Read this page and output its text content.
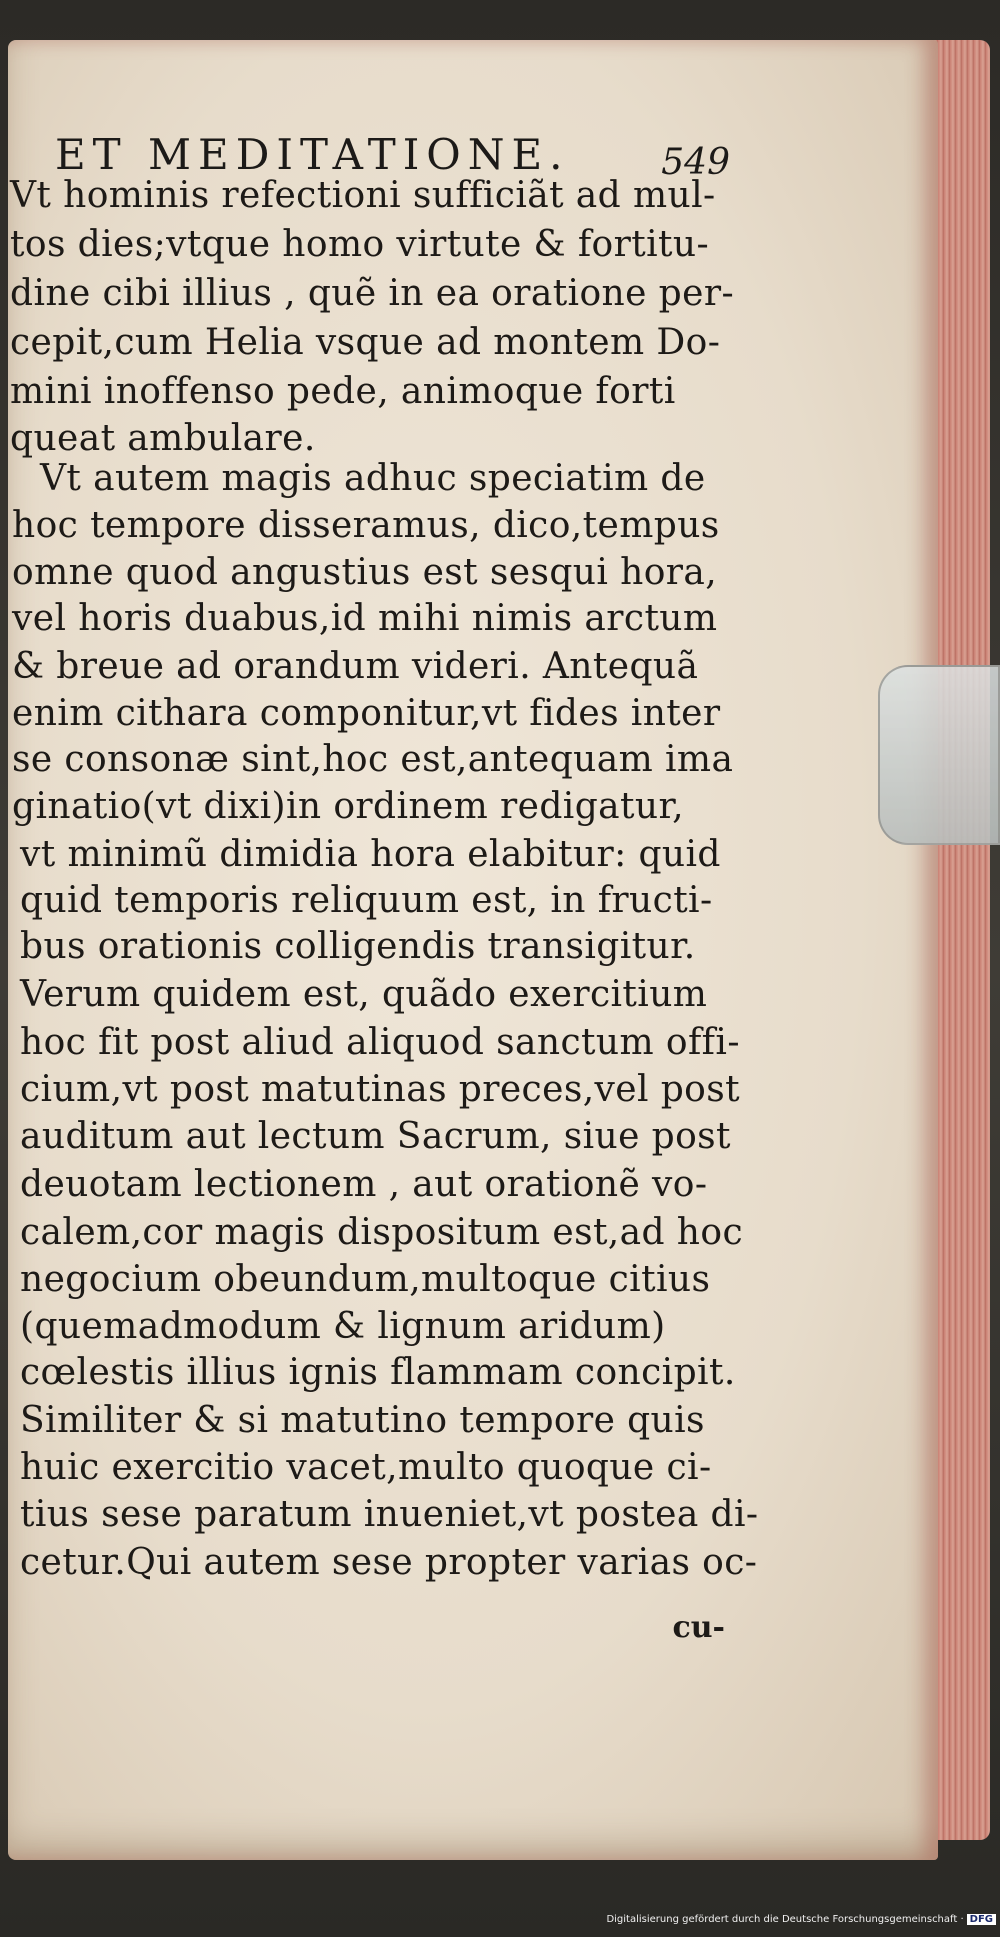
ET MEDITATIONE.	549
Vt hominis refectioni sufficiãt ad mul-
tos dies;vtque homo virtute & fortitu-
dine cibi illius , quẽ in ea oratione per-
cepit,cum Helia vsque ad montem Do-
mini inoffenso pede, animoque forti
queat ambulare.
Vt autem magis adhuc speciatim de
hoc tempore disseramus, dico,tempus
omne quod angustius est sesqui hora,
vel horis duabus,id mihi nimis arctum
& breue ad orandum videri. Antequã
enim cithara componitur,vt fides inter
se consonæ sint,hoc est,antequam ima
ginatio(vt dixi)in ordinem redigatur,
vt minimũ dimidia hora elabitur: quid
quid temporis reliquum est, in fructi-
bus orationis colligendis transigitur.
Verum quidem est, quãdo exercitium
hoc fit post aliud aliquod sanctum offi-
cium,vt post matutinas preces,vel post
auditum aut lectum Sacrum, siue post
deuotam lectionem , aut orationẽ vo-
calem,cor magis dispositum est,ad hoc
negocium obeundum,multoque citius
(quemadmodum & lignum aridum)
cœlestis illius ignis flammam concipit.
Similiter & si matutino tempore quis
huic exercitio vacet,multo quoque ci-
tius sese paratum inueniet,vt postea di-
cetur.Qui autem sese propter varias oc-
cu-
Digitalisierung gefördert durch die Deutsche Forschungsgemeinschaft · DFG
